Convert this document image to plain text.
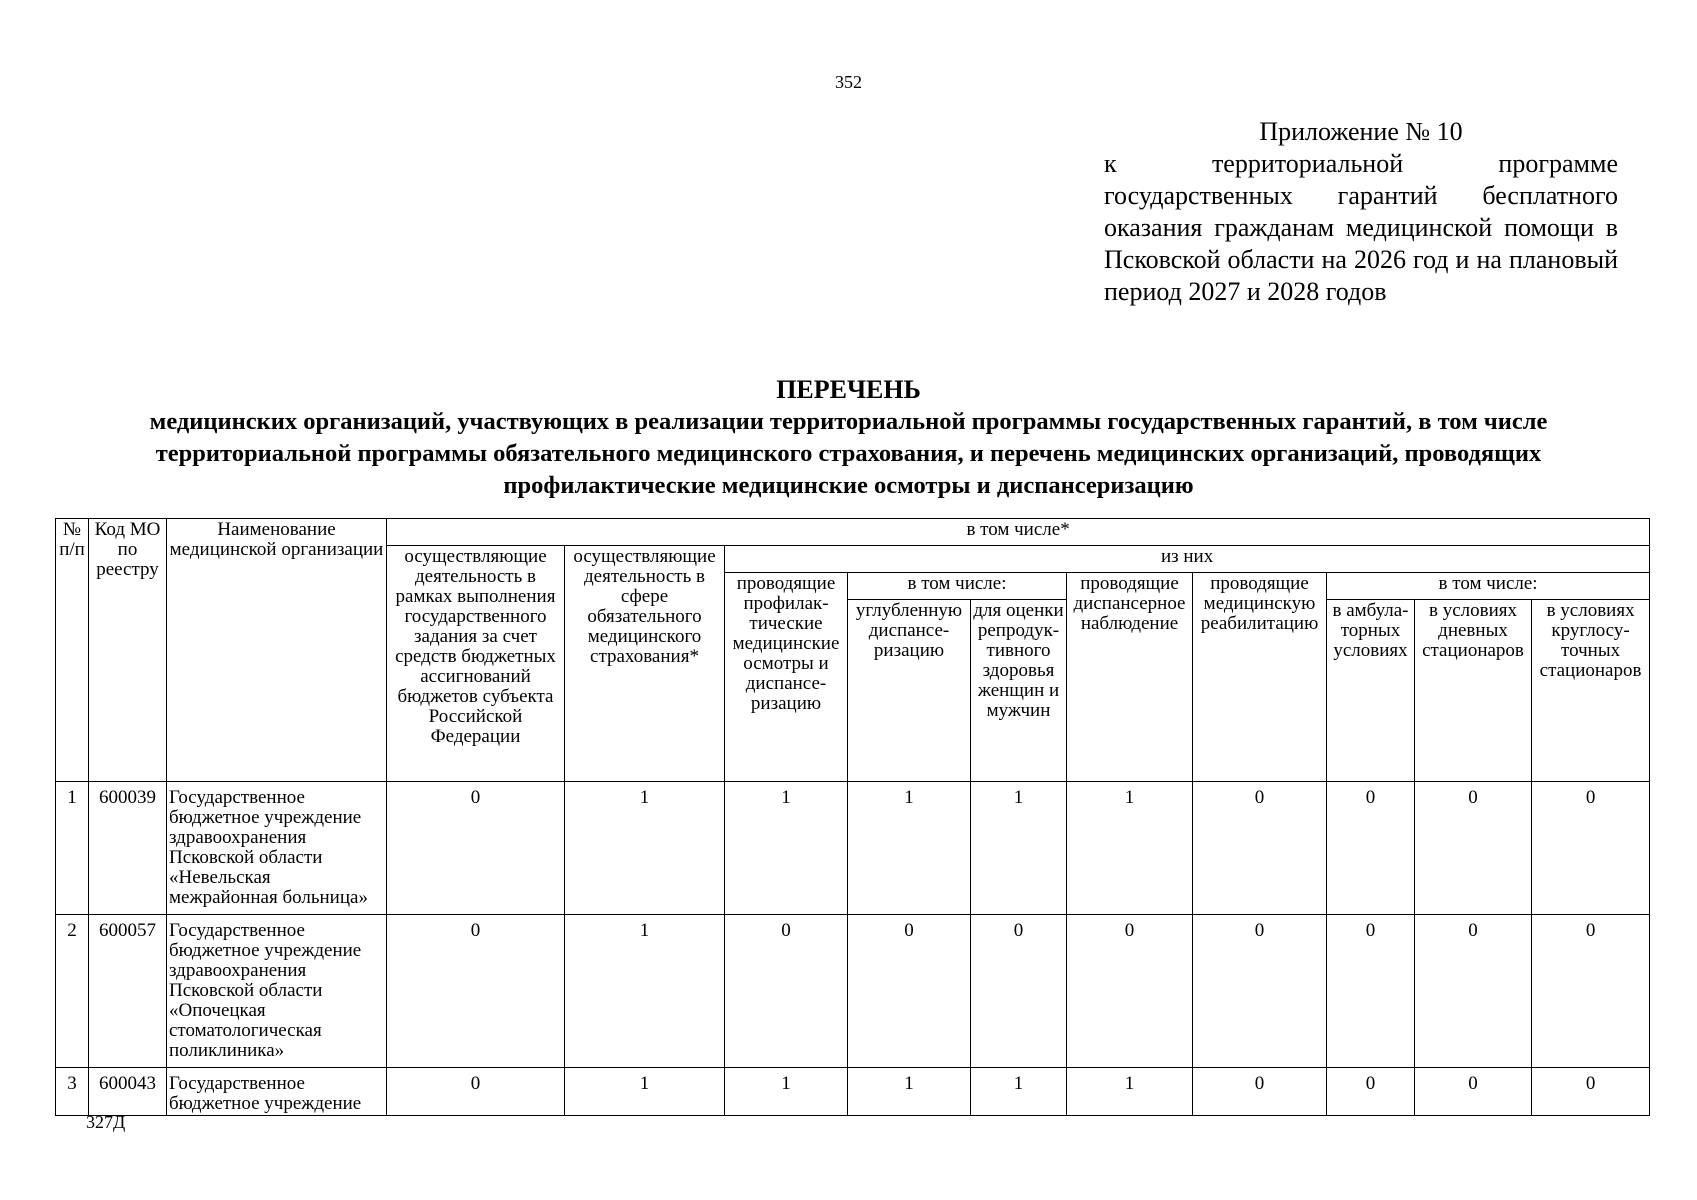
352
Приложение № 10
к территориальной программе государственных гарантий бесплатного оказания гражданам медицинской помощи в Псковской области на 2026 год и на плановый период 2027 и 2028 годов
ПЕРЕЧЕНЬ
медицинских организаций, участвующих в реализации территориальной программы государственных гарантий, в том числе территориальной программы обязательного медицинского страхования, и перечень медицинских организаций, проводящих профилактические медицинские осмотры и диспансеризацию
№ п/п	Код МО по реестру	Наименование медицинской организации	в том числе*									
			осуществляющие деятельность в рамках выполнения государственного задания за счет средств бюджетных ассигнований бюджетов субъекта Российской Федерации	осуществляющие деятельность в сфере обязательного медицинского страхования*	из них							
					проводящие профилак-тические медицинские осмотры и диспансе-ризацию	в том числе:		проводящие диспансерное наблюдение	проводящие медицинскую реабилитацию	в том числе:		
						углубленную диспансе-ризацию	для оценки репродук-тивного здоровья женщин и мужчин			в амбула-торных условиях	в условиях дневных стационаров	в условиях круглосу-точных стационаров
1	600039	Государственное бюджетное учреждение здравоохранения Псковской области «Невельская межрайонная больница»	0	1	1	1	1	1	0	0	0	0
2	600057	Государственное бюджетное учреждение здравоохранения Псковской области «Опочецкая стоматологическая поликлиника»	0	1	0	0	0	0	0	0	0	0
3	600043	Государственное бюджетное учреждение	0	1	1	1	1	1	0	0	0	0
327Д
